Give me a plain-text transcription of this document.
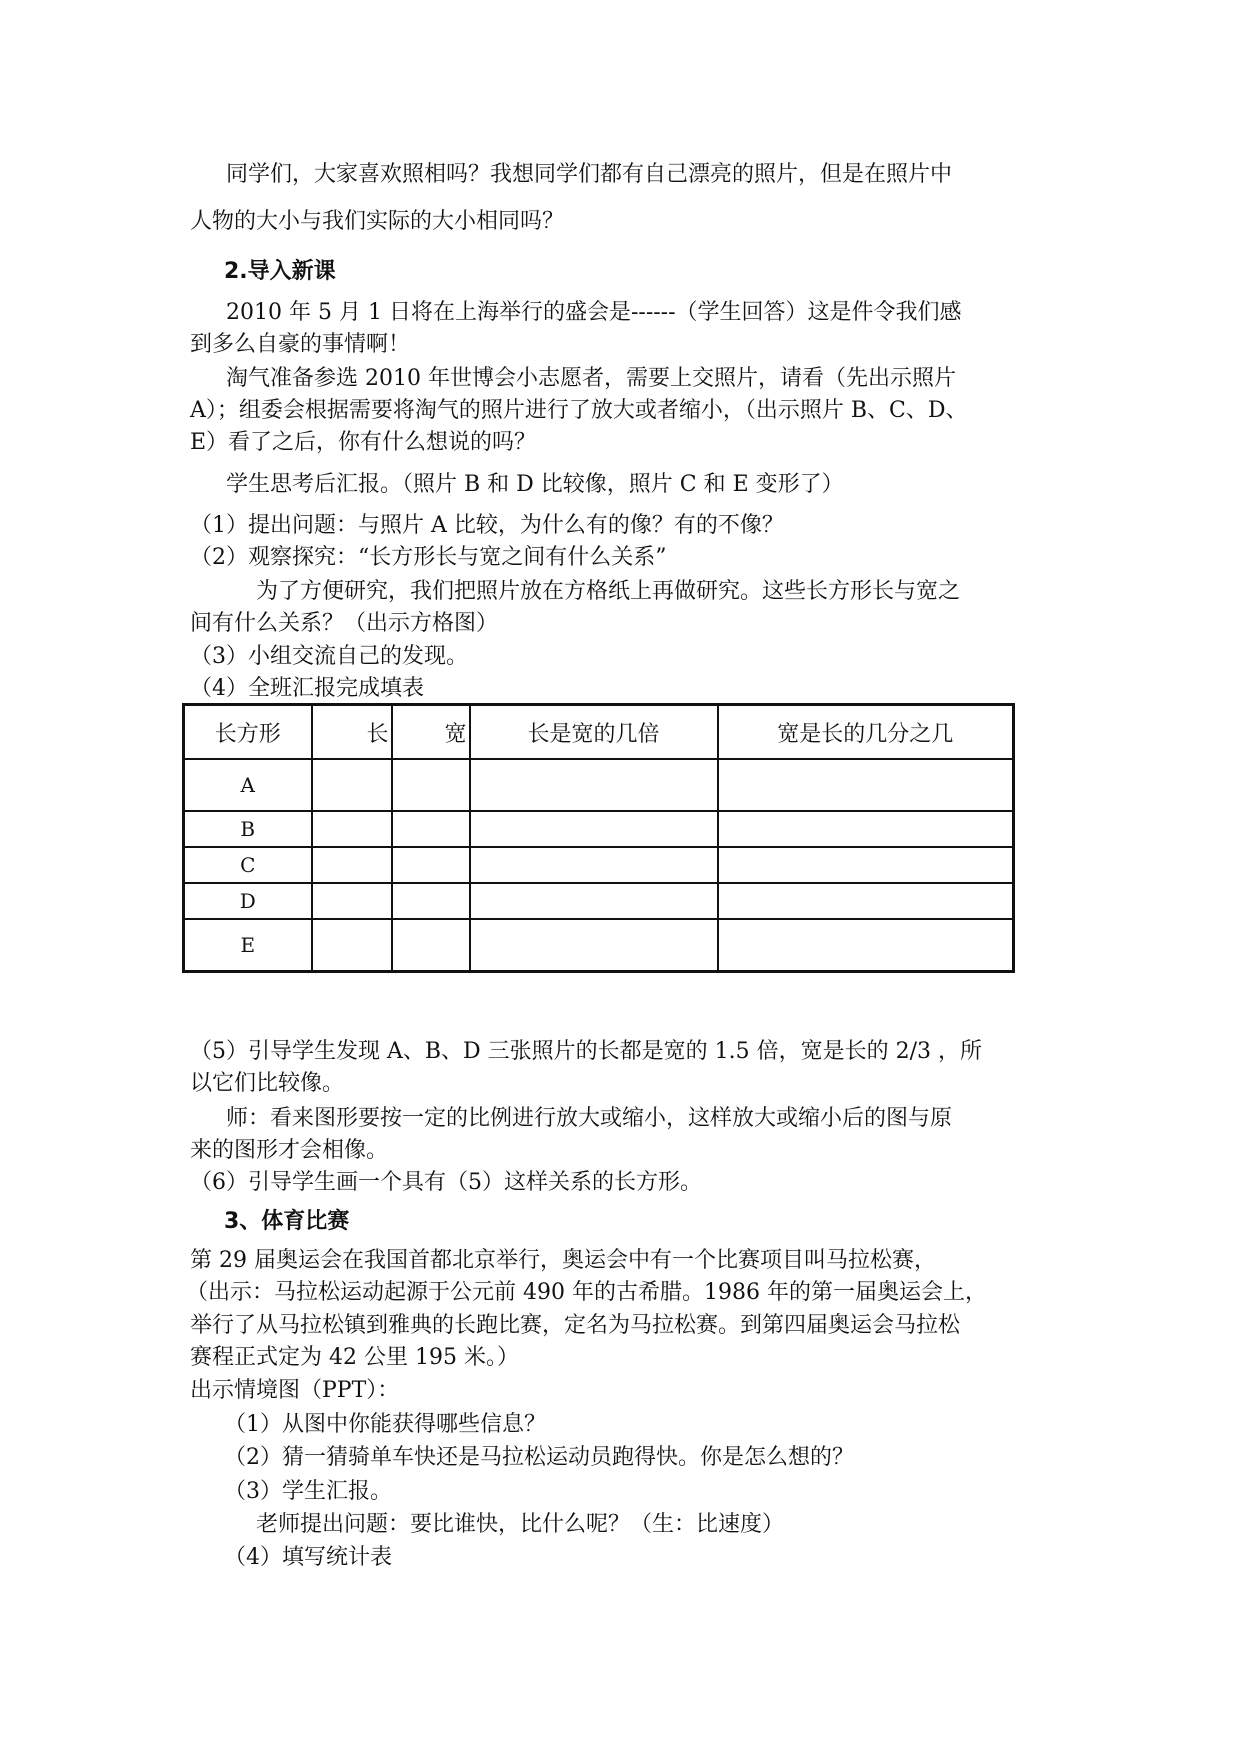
同学们，大家喜欢照相吗？我想同学们都有自己漂亮的照片，但是在照片中
人物的大小与我们实际的大小相同吗？
2.导入新课
2010 年 5 月 1 日将在上海举行的盛会是------（学生回答）这是件令我们感
到多么自豪的事情啊！
淘气准备参选 2010 年世博会小志愿者，需要上交照片，请看（先出示照片
A）；组委会根据需要将淘气的照片进行了放大或者缩小，（出示照片 B、C、D、
E）看了之后，你有什么想说的吗？
学生思考后汇报。（照片 B 和 D 比较像，照片 C 和 E 变形了）
（1）提出问题：与照片 A 比较，为什么有的像？有的不像？
（2）观察探究：“长方形长与宽之间有什么关系”
为了方便研究，我们把照片放在方格纸上再做研究。这些长方形长与宽之
间有什么关系？（出示方格图）
（3）小组交流自己的发现。
（4）全班汇报完成填表
长方形	长	宽	长是宽的几倍	宽是长的几分之几
A				
B				
C				
D				
E				
（5）引导学生发现 A、B、D 三张照片的长都是宽的 1.5 倍，宽是长的 2/3 ，所
以它们比较像。
师：看来图形要按一定的比例进行放大或缩小，这样放大或缩小后的图与原
来的图形才会相像。
（6）引导学生画一个具有（5）这样关系的长方形。
3、体育比赛
第 29 届奥运会在我国首都北京举行，奥运会中有一个比赛项目叫马拉松赛，
（出示：马拉松运动起源于公元前 490 年的古希腊。1986 年的第一届奥运会上，
举行了从马拉松镇到雅典的长跑比赛，定名为马拉松赛。到第四届奥运会马拉松
赛程正式定为 42 公里 195 米。）
出示情境图（PPT）：
（1）从图中你能获得哪些信息？
（2）猜一猜骑单车快还是马拉松运动员跑得快。你是怎么想的？
（3）学生汇报。
老师提出问题：要比谁快，比什么呢？（生：比速度）
（4）填写统计表
